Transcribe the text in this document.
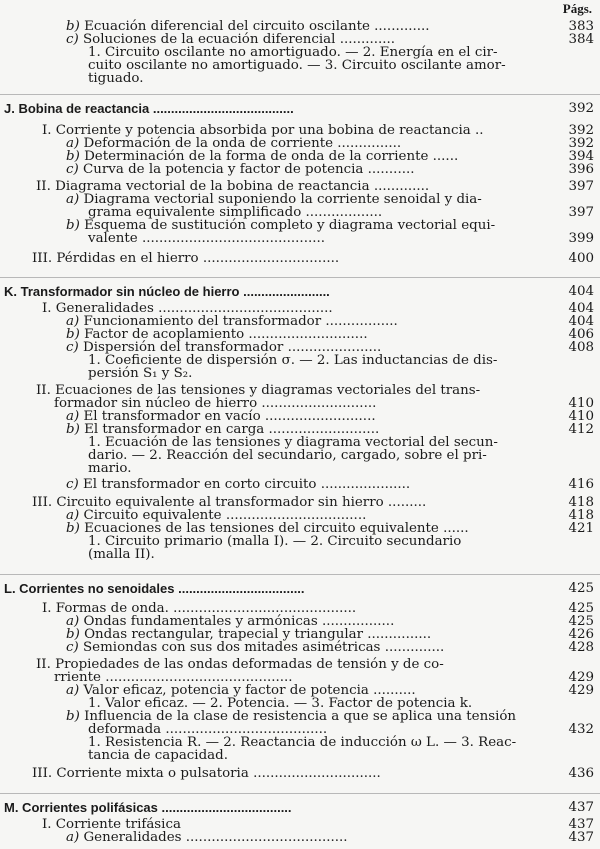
Págs.
b) Ecuación diferencial del circuito oscilante .............	383
c) Soluciones de la ecuación diferencial .............	384
1. Circuito oscilante no amortiguado. — 2. Energía en el cir-
cuito oscilante no amortiguado. — 3. Circuito oscilante amor-
tiguado.
J. Bobina de reactancia .......................................	392
I. Corriente y potencia absorbida por una bobina de reactancia ..	392
a) Deformación de la onda de corriente ...............	392
b) Determinación de la forma de onda de la corriente ......	394
c) Curva de la potencia y factor de potencia ...........	396
II. Diagrama vectorial de la bobina de reactancia .............	397
a) Diagrama vectorial suponiendo la corriente senoidal y dia-
grama equivalente simplificado ..................	397
b) Esquema de sustitución completo y diagrama vectorial equi-
valente ...........................................	399
III. Pérdidas en el hierro ................................	400
K. Transformador sin núcleo de hierro ........................	404
I. Generalidades .........................................	404
a) Funcionamiento del transformador .................	404
b) Factor de acoplamiento ............................	406
c) Dispersión del transformador ......................	408
1. Coeficiente de dispersión σ. — 2. Las inductancias de dis-
persión S₁ y S₂.
II. Ecuaciones de las tensiones y diagramas vectoriales del trans-
formador sin núcleo de hierro ...........................	410
a) El transformador en vacío ..........................	410
b) El transformador en carga ..........................	412
1. Ecuación de las tensiones y diagrama vectorial del secun-
dario. — 2. Reacción del secundario, cargado, sobre el pri-
mario.
c) El transformador en corto circuito .....................	416
III. Circuito equivalente al transformador sin hierro .........	418
a) Circuito equivalente .................................	418
b) Ecuaciones de las tensiones del circuito equivalente ......	421
1. Circuito primario (malla I). — 2. Circuito secundario
(malla II).
L. Corrientes no senoidales ...................................	425
I. Formas de onda. ...........................................	425
a) Ondas fundamentales y armónicas .................	425
b) Ondas rectangular, trapecial y triangular ...............	426
c) Semiondas con sus dos mitades asimétricas ..............	428
II. Propiedades de las ondas deformadas de tensión y de co-
rriente ............................................	429
a) Valor eficaz, potencia y factor de potencia ..........	429
1. Valor eficaz. — 2. Potencia. — 3. Factor de potencia k.
b) Influencia de la clase de resistencia a que se aplica una tensión
deformada ......................................	432
1. Resistencia R. — 2. Reactancia de inducción ω L. — 3. Reac-
tancia de capacidad.
III. Corriente mixta o pulsatoria ..............................	436
M. Corrientes polifásicas ....................................	437
I. Corriente trifásica	437
a) Generalidades ......................................	437
